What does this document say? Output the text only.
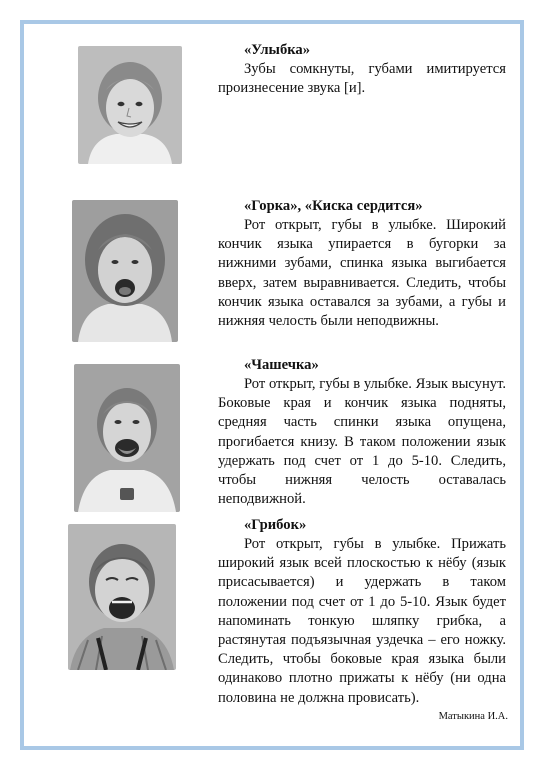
«Улыбка»

Зубы сомкнуты, губами имитируется произнесение звука [и].

«Горка», «Киска сердится»

Рот открыт, губы в улыбке. Широкий кончик языка упирается в бугорки за нижними зубами, спинка языка выгибается вверх, затем выравнивается. Следить, чтобы кончик языка оставался за зубами, а губы и нижняя челость были неподвижны.

«Чашечка»

Рот открыт, губы в улыбке. Язык высунут. Боковые края и кончик языка подняты, средняя часть спинки языка опущена, прогибается книзу. В таком положении язык удержать под счет от 1 до 5-10. Следить, чтобы нижняя челость оставалась неподвижной.

«Грибок»

Рот открыт, губы в улыбке. Прижать широкий язык всей плоскостью к нёбу (язык присасывается) и удержать в таком положении под счет от 1 до 5-10. Язык будет напоминать тонкую шляпку грибка, а растянутая подъязычная уздечка – его ножку. Следить, чтобы боковые края языка были одинаково плотно прижаты к нёбу (ни одна половина не должна провисать).

Матыкина И.А.
